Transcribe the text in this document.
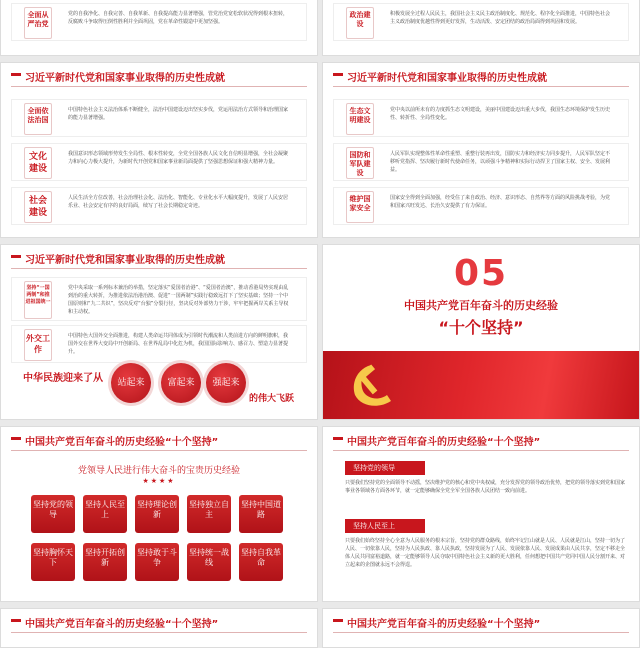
全面从严治党
党的自我净化、自我完善、自我革新、自我提高能力显著增强，管党治党宽松软状况得到根本扭转，反腐败斗争取得压倒性胜利并全面巩固，党在革命性锻造中更加坚强。
政治建设
积极发展全过程人民民主，我国社会主义民主政治制度化、规范化、程序化全面推进，中国特色社会主义政治制度优越性得到更好发挥，生动活泼、安定团结的政治局面得到巩固和发展。
习近平新时代党和国家事业取得的历史性成就
全面依法治国
中国特色社会主义法治体系不断健全，法治中国建设迈出坚实步伐，党运用法治方式领导和治理国家的能力显著增强。
文化建设
我国意识形态领域形势发生全局性、根本性转变，全党全国各族人民文化自信明显增强，全社会凝聚力和向心力极大提升，为新时代开创党和国家事业新局面提供了坚强思想保证和强大精神力量。
社会建设
人民生活全方位改善，社会治理社会化、法治化、智能化、专业化水平大幅度提升，发展了人民安居乐业、社会安定有序的良好局面，续写了社会长期稳定奇迹。
习近平新时代党和国家事业取得的历史性成就
生态文明建设
党中央以前所未有的力度抓生态文明建设，美丽中国建设迈出重大步伐，我国生态环境保护发生历史性、转折性、全局性变化。
国防和军队建设
人民军队实现整体性革命性重塑、重整行装再出发，国防实力和经济实力同步提升，人民军队坚定不移听党指挥、坚决履行新时代使命任务，以顽强斗争精神和实际行动捍卫了国家主权、安全、发展利益。
维护国家安全
国家安全得到全面加强，经受住了来自政治、经济、意识形态、自然界等方面的风险挑战考验，为党和国家兴旺发达、长治久安提供了有力保证。
习近平新时代党和国家事业取得的历史性成就
坚持“一国两制”和推进祖国统一
党中央采取一系列标本兼治的举措，坚定落实“爱国者治港”、“爱国者治澳”，推动香港局势实现由乱到治的重大转折，为推进依法治港治澳、促进“一国两制”实践行稳致远打下了坚实基础；坚持一个中国原则和“九二共识”，坚决反对“台独”分裂行径，坚决反对外部势力干涉，牢牢把握两岸关系主导权和主动权。
外交工作
中国特色大国外交全面推进，构建人类命运共同体成为引领时代潮流和人类前进方向的鲜明旗帜，我国外交在世界大变局中开创新局、在世界乱局中化危为机，我国国际影响力、感召力、塑造力显著提升。
中华民族迎来了从	站起来	富起来	强起来
的伟大飞跃
05
中国共产党百年奋斗的历史经验
“十个坚持”
中国共产党百年奋斗的历史经验“十个坚持”
党领导人民进行伟大奋斗的宝贵历史经验
★★★★
坚持党的领导
坚持人民至上
坚持理论创新
坚持独立自主
坚持中国道路
坚持胸怀天下
坚持开拓创新
坚持敢于斗争
坚持统一战线
坚持自我革命
中国共产党百年奋斗的历史经验“十个坚持”
坚持党的领导
只要我们坚持党的全面领导不动摇，坚决维护党的核心和党中央权威，充分发挥党的领导政治优势，把党的领导落实到党和国家事业各领域各方面各环节，就一定能够确保全党全军全国各族人民团结一致向前进。
坚持人民至上
只要我们始终坚持全心全意为人民服务的根本宗旨，坚持党的群众路线，始终牢记江山就是人民、人民就是江山，坚持一切为了人民、一切依靠人民，坚持为人民执政、靠人民执政，坚持发展为了人民、发展依靠人民、发展成果由人民共享，坚定不移走全体人民共同富裕道路，就一定能够领导人民夺取中国特色社会主义新的更大胜利，任何想把中国共产党同中国人民分割开来、对立起来的企图就永远不会得逞。
中国共产党百年奋斗的历史经验“十个坚持”	中国共产党百年奋斗的历史经验“十个坚持”
